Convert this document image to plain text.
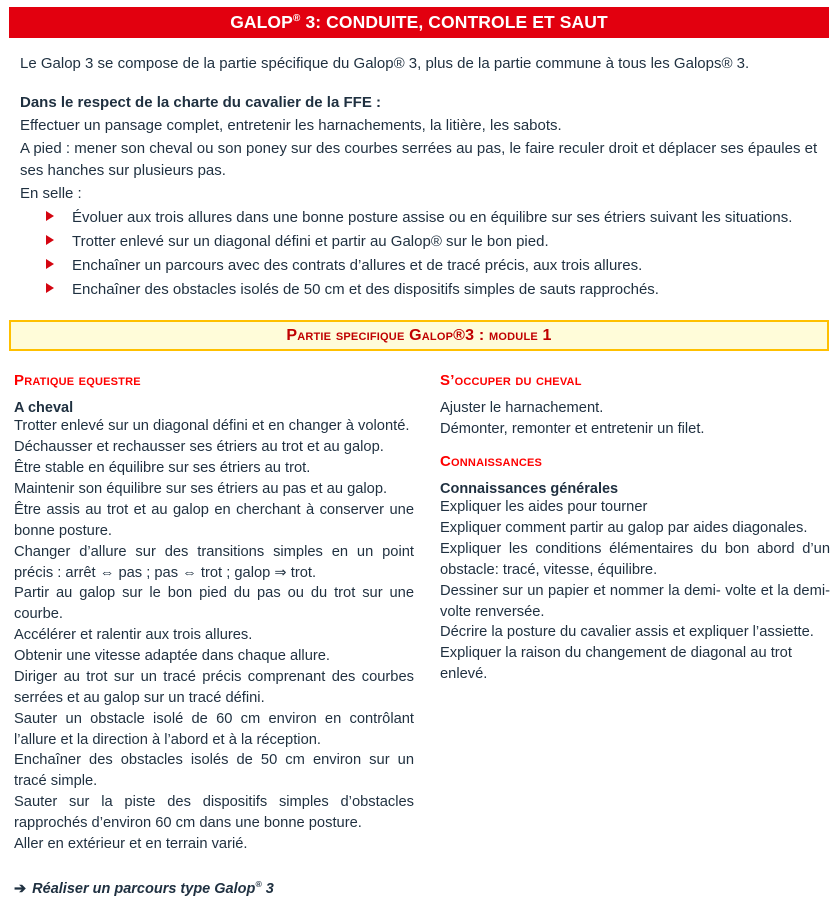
GALOP® 3: CONDUITE, CONTROLE ET SAUT
Le Galop 3 se compose de la partie spécifique du Galop® 3, plus de la partie commune à tous les Galops® 3.
Dans le respect de la charte du cavalier de la FFE :
Effectuer un pansage complet, entretenir les harnachements, la litière, les sabots.
A pied : mener son cheval ou son poney sur des courbes serrées au pas, le faire reculer droit et déplacer ses épaules et ses hanches sur plusieurs pas.
En selle :
Évoluer aux trois allures dans une bonne posture assise ou en équilibre sur ses étriers suivant les situations.
Trotter enlevé sur un diagonal défini et partir au Galop® sur le bon pied.
Enchaîner un parcours avec des contrats d’allures et de tracé précis, aux trois allures.
Enchaîner des obstacles isolés de 50 cm et des dispositifs simples de sauts rapprochés.
Partie specifique Galop®3 : module 1
Pratique equestre
A cheval
Trotter enlevé sur un diagonal défini et en changer à volonté.
Déchausser et rechausser ses étriers au trot et au galop.
Être stable en équilibre sur ses étriers au trot.
Maintenir son équilibre sur ses étriers au pas et au galop.
Être assis au trot et au galop en cherchant à conserver une bonne posture.
Changer d’allure sur des transitions simples en un point précis : arrêt ⇔ pas ; pas ⇔ trot ; galop ⇒ trot.
Partir au galop sur le bon pied du pas ou du trot sur une courbe.
Accélérer et ralentir aux trois allures.
Obtenir une vitesse adaptée dans chaque allure.
Diriger au trot sur un tracé précis comprenant des courbes serrées et au galop sur un tracé défini.
Sauter un obstacle isolé de 60 cm environ en contrôlant l’allure et la direction à l’abord et à la réception.
Enchaîner des obstacles isolés de 50 cm environ sur un tracé simple.
Sauter sur la piste des dispositifs simples d’obstacles rapprochés d’environ 60 cm dans une bonne posture.
Aller en extérieur et en terrain varié.
➔ Réaliser un parcours type Galop® 3
S’occuper du cheval
Ajuster le harnachement.
Démonter, remonter et entretenir un filet.
Connaissances
Connaissances générales
Expliquer les aides pour tourner
Expliquer comment partir au galop par aides diagonales.
Expliquer les conditions élémentaires du bon abord d’un obstacle: tracé, vitesse, équilibre.
Dessiner sur un papier et nommer la demi- volte et la demi-volte renversée.
Décrire la posture du cavalier assis et expliquer l’assiette.
Expliquer la raison du changement de diagonal au trot enlevé.
